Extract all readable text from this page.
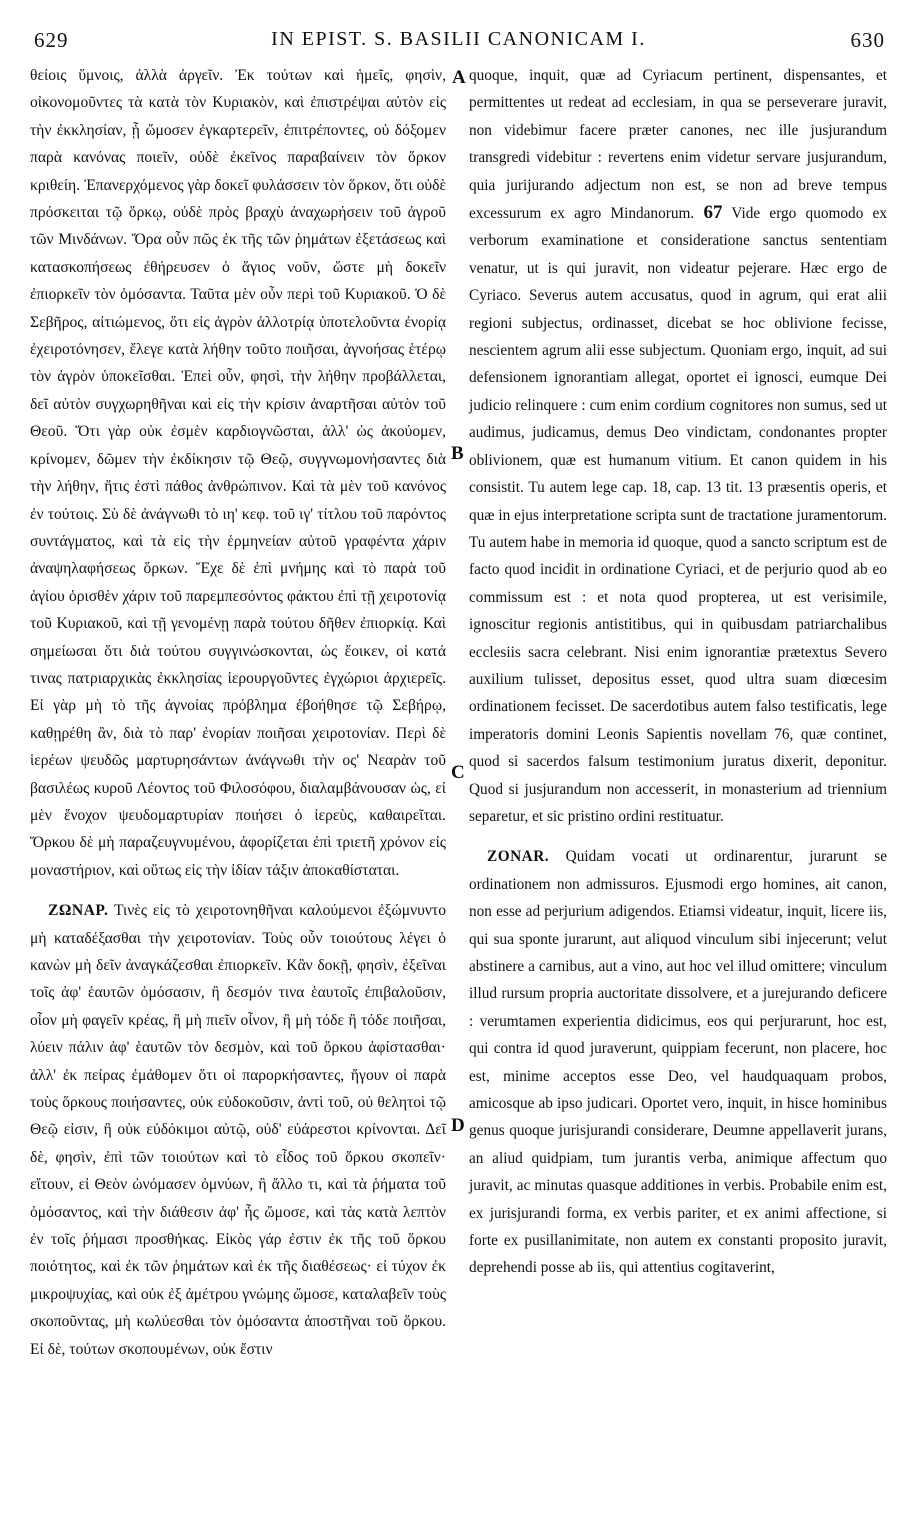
629	IN EPIST. S. BASILII CANONICAM I.	630

θείοις ὕμνοις, ἀλλὰ ἀργεῖν. Ἐκ τούτων καὶ ἡμεῖς, φησὶν, οἰκονομοῦντες τὰ κατὰ τὸν Κυριακὸν, καὶ ἐπιστρέψαι αὐτὸν εἰς τὴν ἐκκλησίαν, ᾗ ὤμοσεν ἐγκαρτερεῖν, ἐπιτρέποντες, οὐ δόξομεν παρὰ κανόνας ποιεῖν, οὐδὲ ἐκεῖνος παραβαίνειν τὸν ὅρκον κριθείη. Ἐπανερχόμενος γὰρ δοκεῖ φυλάσσειν τὸν ὅρκον, ὅτι οὐδὲ πρόσκειται τῷ ὅρκῳ, οὐδὲ πρὸς βραχὺ ἀναχωρήσειν τοῦ ἀγροῦ τῶν Μινδάνων. Ὅρα οὖν πῶς ἐκ τῆς τῶν ῥημάτων ἐξετάσεως καὶ κατασκοπήσεως ἐθήρευσεν ὁ ἅγιος νοῦν, ὥστε μὴ δοκεῖν ἐπιορκεῖν τὸν ὀμόσαντα. Ταῦτα μὲν οὖν περὶ τοῦ Κυριακοῦ. Ὁ δὲ Σεβῆρος, αἰτιώμενος, ὅτι εἰς ἀγρὸν ἀλλοτρίᾳ ὑποτελοῦντα ἐνορίᾳ ἐχειροτόνησεν, ἔλεγε κατὰ λήθην τοῦτο ποιῆσαι, ἀγνοήσας ἑτέρῳ τὸν ἀγρὸν ὑποκεῖσθαι. Ἐπεὶ οὖν, φησὶ, τὴν λήθην προβάλλεται, δεῖ αὐτὸν συγχωρηθῆναι καὶ εἰς τὴν κρίσιν ἀναρτῆσαι αὐτὸν τοῦ Θεοῦ. Ὅτι γὰρ οὐκ ἐσμὲν καρδιογνῶσται, ἀλλ' ὡς ἀκούομεν, κρίνομεν, δῶμεν τὴν ἐκδίκησιν τῷ Θεῷ, συγγνωμονήσαντες διὰ τὴν λήθην, ἥτις ἐστὶ πάθος ἀνθρώπινον. Καὶ τὰ μὲν τοῦ κανόνος ἐν τούτοις. Σὺ δὲ ἀνάγνωθι τὸ ιη' κεφ. τοῦ ιγ' τίτλου τοῦ παρόντος συντάγματος, καὶ τὰ εἰς τὴν ἑρμηνείαν αὐτοῦ γραφέντα χάριν ἀναψηλαφήσεως ὅρκων. Ἔχε δὲ ἐπὶ μνήμης καὶ τὸ παρὰ τοῦ ἁγίου ὁρισθὲν χάριν τοῦ παρεμπεσόντος φάκτου ἐπὶ τῇ χειροτονίᾳ τοῦ Κυριακοῦ, καὶ τῇ γενομένῃ παρὰ τούτου δῆθεν ἐπιορκίᾳ. Καὶ σημείωσαι ὅτι διὰ τούτου συγγινώσκονται, ὡς ἔοικεν, οἱ κατά τινας πατριαρχικὰς ἐκκλησίας ἱερουργοῦντες ἐγχώριοι ἀρχιερεῖς. Εἰ γὰρ μὴ τὸ τῆς ἀγνοίας πρόβλημα ἐβοήθησε τῷ Σεβήρῳ, καθῃρέθη ἂν, διὰ τὸ παρ' ἐνορίαν ποιῆσαι χειροτονίαν. Περὶ δὲ ἱερέων ψευδῶς μαρτυρησάντων ἀνάγνωθι τὴν ος' Νεαρὰν τοῦ βασιλέως κυροῦ Λέοντος τοῦ Φιλοσόφου, διαλαμβάνουσαν ὡς, εἰ μὲν ἔνοχον ψευδομαρτυρίαν ποιήσει ὁ ἱερεὺς, καθαιρεῖται. Ὅρκου δὲ μὴ παραζευγνυμένου, ἀφορίζεται ἐπὶ τριετῆ χρόνον εἰς μοναστήριον, καὶ οὕτως εἰς τὴν ἰδίαν τάξιν ἀποκαθίσταται.

ΖΩΝΑΡ. Τινὲς εἰς τὸ χειροτονηθῆναι καλούμενοι ἐξώμνυντο μὴ καταδέξασθαι τὴν χειροτονίαν. Τοὺς οὖν τοιούτους λέγει ὁ κανὼν μὴ δεῖν ἀναγκάζεσθαι ἐπιορκεῖν. Κἂν δοκῇ, φησὶν, ἐξεῖναι τοῖς ἀφ' ἑαυτῶν ὀμόσασιν, ἢ δεσμόν τινα ἑαυτοῖς ἐπιβαλοῦσιν, οἷον μὴ φαγεῖν κρέας, ἢ μὴ πιεῖν οἶνον, ἢ μὴ τόδε ἢ τόδε ποιῆσαι, λύειν πάλιν ἀφ' ἑαυτῶν τὸν δεσμὸν, καὶ τοῦ ὅρκου ἀφίστασθαι· ἀλλ' ἐκ πείρας ἐμάθομεν ὅτι οἱ παρορκήσαντες, ἤγουν οἱ παρὰ τοὺς ὅρκους ποιήσαντες, οὐκ εὐδοκοῦσιν, ἀντὶ τοῦ, οὐ θελητοὶ τῷ Θεῷ εἰσιν, ἢ οὐκ εὐδόκιμοι αὐτῷ, οὐδ' εὐάρεστοι κρίνονται. Δεῖ δὲ, φησὶν, ἐπὶ τῶν τοιούτων καὶ τὸ εἶδος τοῦ ὅρκου σκοπεῖν· εἴτουν, εἰ Θεὸν ὠνόμασεν ὀμνύων, ἢ ἄλλο τι, καὶ τὰ ῥήματα τοῦ ὀμόσαντος, καὶ τὴν διάθεσιν ἀφ' ἧς ὤμοσε, καὶ τὰς κατὰ λεπτὸν ἐν τοῖς ῥήμασι προσθήκας. Εἰκὸς γάρ ἐστιν ἐκ τῆς τοῦ ὅρκου ποιότητος, καὶ ἐκ τῶν ῥημάτων καὶ ἐκ τῆς διαθέσεως· εἰ τύχον ἐκ μικροψυχίας, καὶ οὐκ ἐξ ἀμέτρου γνώμης ὤμοσε, καταλαβεῖν τοὺς σκοποῦντας, μὴ κωλύεσθαι τὸν ὀμόσαντα ἀποστῆναι τοῦ ὅρκου. Εἰ δὲ, τούτων σκοπουμένων, οὐκ ἔστιν

A
B
C
D

quoque, inquit, quæ ad Cyriacum pertinent, dispensantes, et permittentes ut redeat ad ecclesiam, in qua se perseverare juravit, non videbimur facere præter canones, nec ille jusjurandum transgredi videbitur : revertens enim videtur servare jusjurandum, quia jurijurando adjectum non est, se non ad breve tempus excessurum ex agro Mindanorum. 67 Vide ergo quomodo ex verborum examinatione et consideratione sanctus sententiam venatur, ut is qui juravit, non videatur pejerare. Hæc ergo de Cyriaco. Severus autem accusatus, quod in agrum, qui erat alii regioni subjectus, ordinasset, dicebat se hoc oblivione fecisse, nescientem agrum alii esse subjectum. Quoniam ergo, inquit, ad sui defensionem ignorantiam allegat, oportet ei ignosci, eumque Dei judicio relinquere : cum enim cordium cognitores non sumus, sed ut audimus, judicamus, demus Deo vindictam, condonantes propter oblivionem, quæ est humanum vitium. Et canon quidem in his consistit. Tu autem lege cap. 18, cap. 13 tit. 13 præsentis operis, et quæ in ejus interpretatione scripta sunt de tractatione juramentorum. Tu autem habe in memoria id quoque, quod a sancto scriptum est de facto quod incidit in ordinatione Cyriaci, et de perjurio quod ab eo commissum est : et nota quod propterea, ut est verisimile, ignoscitur regionis antistitibus, qui in quibusdam patriarchalibus ecclesiis sacra celebrant. Nisi enim ignorantiæ prætextus Severo auxilium tulisset, depositus esset, quod ultra suam diœcesim ordinationem fecisset. De sacerdotibus autem falso testificatis, lege imperatoris domini Leonis Sapientis novellam 76, quæ continet, quod si sacerdos falsum testimonium juratus dixerit, deponitur. Quod si jusjurandum non accesserit, in monasterium ad triennium separetur, et sic pristino ordini restituatur.

ZONAR. Quidam vocati ut ordinarentur, jurarunt se ordinationem non admissuros. Ejusmodi ergo homines, ait canon, non esse ad perjurium adigendos. Etiamsi videatur, inquit, licere iis, qui sua sponte jurarunt, aut aliquod vinculum sibi injecerunt; velut abstinere a carnibus, aut a vino, aut hoc vel illud omittere; vinculum illud rursum propria auctoritate dissolvere, et a jurejurando deficere : verumtamen experientia didicimus, eos qui perjurarunt, hoc est, qui contra id quod juraverunt, quippiam fecerunt, non placere, hoc est, minime acceptos esse Deo, vel haudquaquam probos, amicosque ab ipso judicari. Oportet vero, inquit, in hisce hominibus genus quoque jurisjurandi considerare, Deumne appellaverit jurans, an aliud quidpiam, tum jurantis verba, animique affectum quo juravit, ac minutas quasque additiones in verbis. Probabile enim est, ex jurisjurandi forma, ex verbis pariter, et ex animi affectione, si forte ex pusillanimitate, non autem ex constanti proposito juravit, deprehendi posse ab iis, qui attentius cogitaverint,
